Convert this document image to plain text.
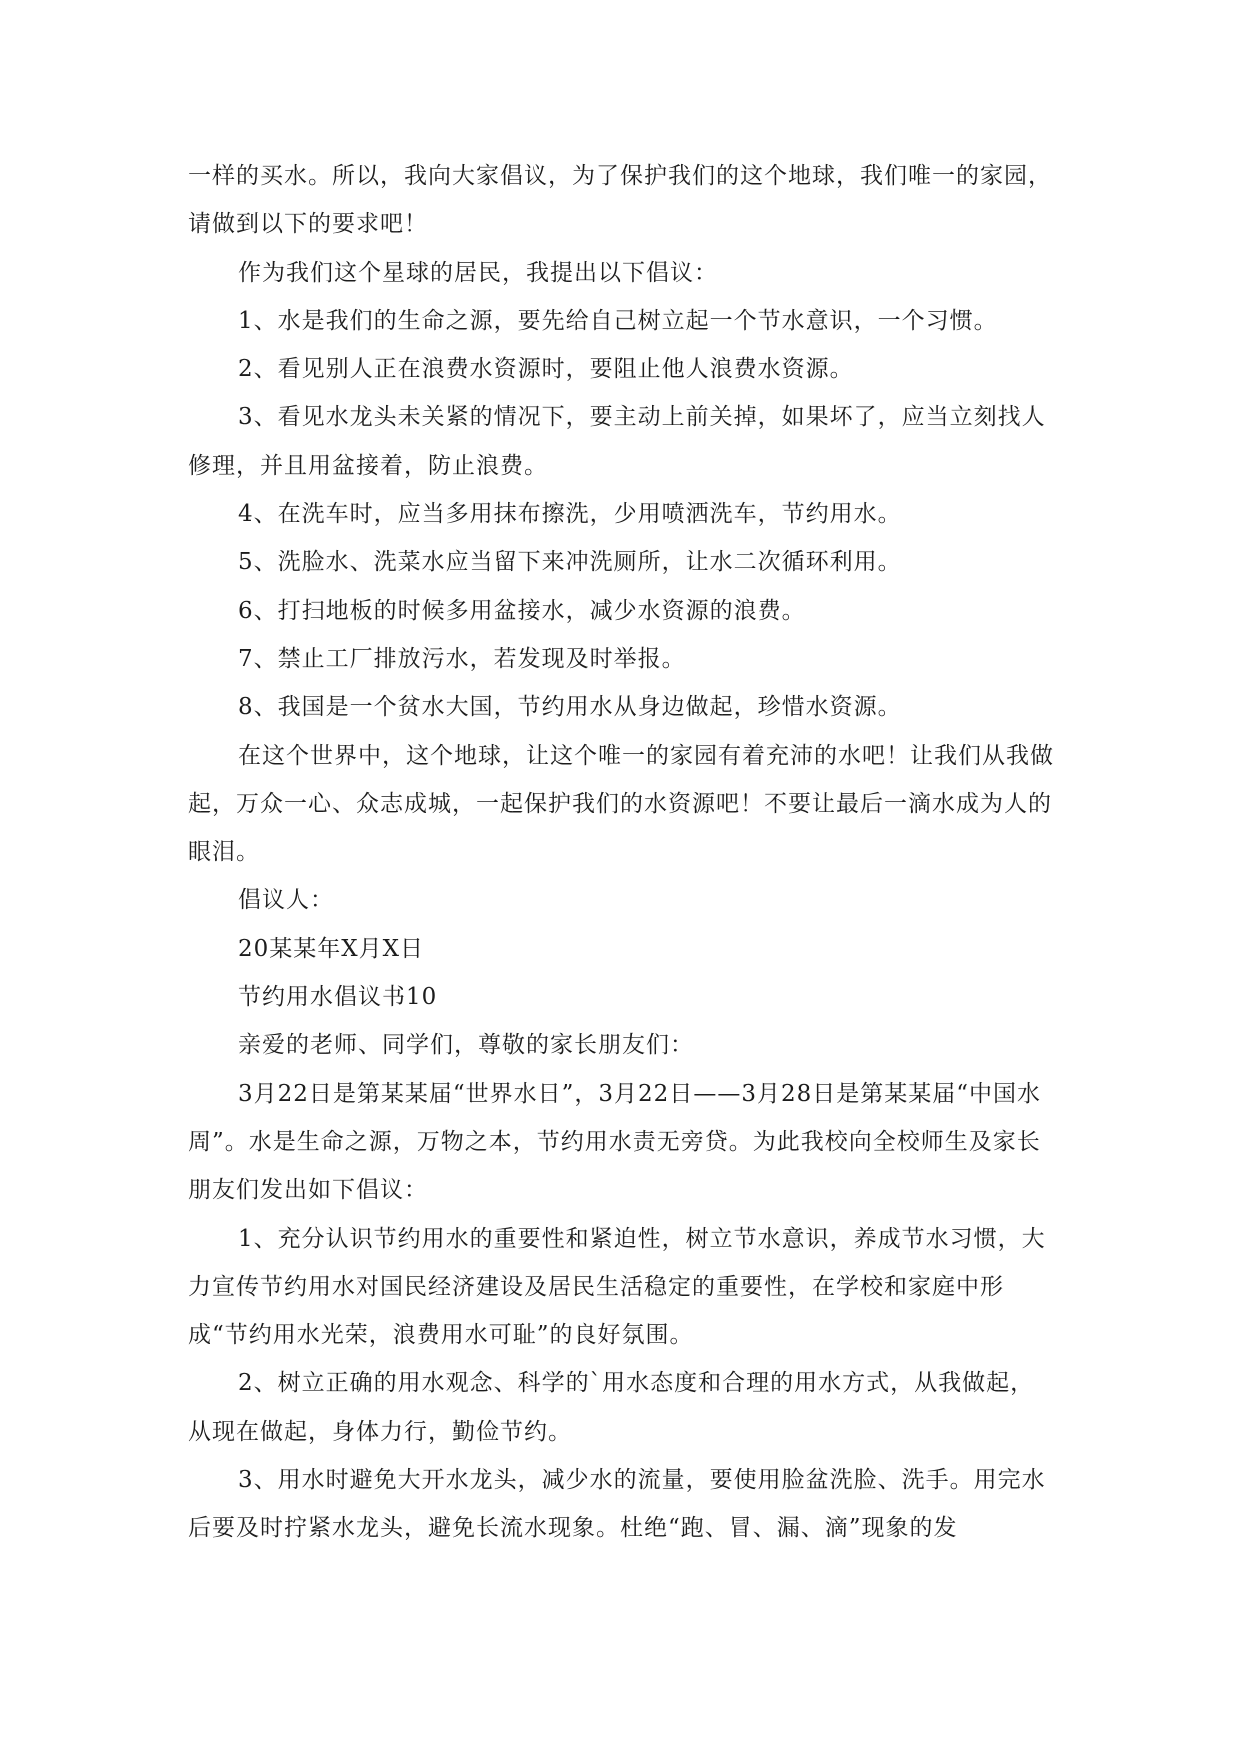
一样的买水。所以，我向大家倡议，为了保护我们的这个地球，我们唯一的家园，请做到以下的要求吧！

作为我们这个星球的居民，我提出以下倡议：

1、水是我们的生命之源，要先给自己树立起一个节水意识，一个习惯。

2、看见别人正在浪费水资源时，要阻止他人浪费水资源。

3、看见水龙头未关紧的情况下，要主动上前关掉，如果坏了，应当立刻找人修理，并且用盆接着，防止浪费。

4、在洗车时，应当多用抹布擦洗，少用喷洒洗车，节约用水。

5、洗脸水、洗菜水应当留下来冲洗厕所，让水二次循环利用。

6、打扫地板的时候多用盆接水，减少水资源的浪费。

7、禁止工厂排放污水，若发现及时举报。

8、我国是一个贫水大国，节约用水从身边做起，珍惜水资源。

在这个世界中，这个地球，让这个唯一的家园有着充沛的水吧！让我们从我做起，万众一心、众志成城，一起保护我们的水资源吧！不要让最后一滴水成为人的眼泪。

倡议人：

20某某年X月X日

节约用水倡议书10

亲爱的老师、同学们，尊敬的家长朋友们：

3月22日是第某某届“世界水日”，3月22日——3月28日是第某某届“中国水周”。水是生命之源，万物之本，节约用水责无旁贷。为此我校向全校师生及家长朋友们发出如下倡议：

1、充分认识节约用水的重要性和紧迫性，树立节水意识，养成节水习惯，大力宣传节约用水对国民经济建设及居民生活稳定的重要性，在学校和家庭中形成“节约用水光荣，浪费用水可耻”的良好氛围。

2、树立正确的用水观念、科学的`用水态度和合理的用水方式，从我做起，从现在做起，身体力行，勤俭节约。

3、用水时避免大开水龙头，减少水的流量，要使用脸盆洗脸、洗手。用完水后要及时拧紧水龙头，避免长流水现象。杜绝“跑、冒、漏、滴”现象的发
